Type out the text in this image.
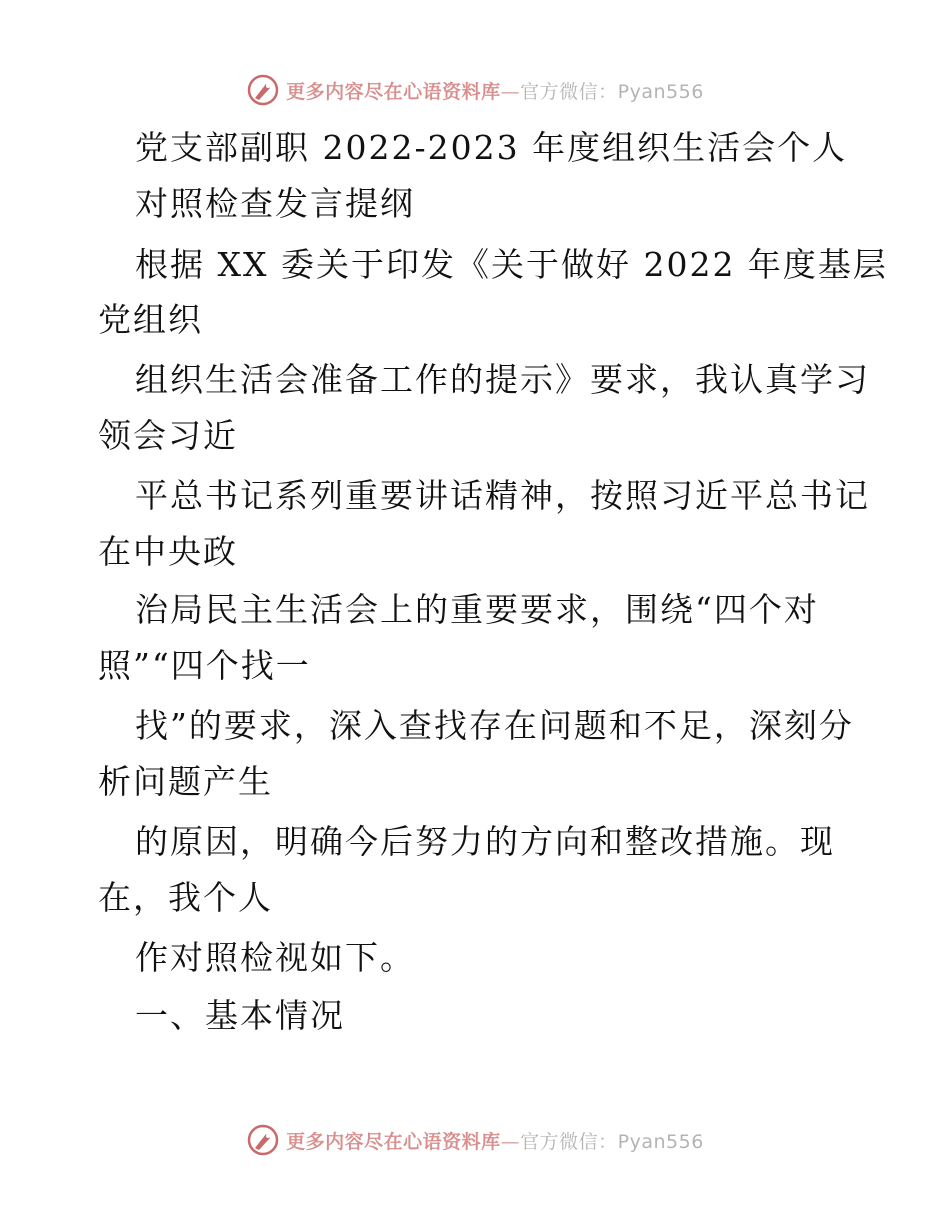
更多内容尽在心语资料库—官方微信：Pyan556
党支部副职 2022-2023 年度组织生活会个人
对照检查发言提纲
根据 XX 委关于印发《关于做好 2022 年度基层
党组织
组织生活会准备工作的提示》要求，我认真学习
领会习近
平总书记系列重要讲话精神，按照习近平总书记
在中央政
治局民主生活会上的重要要求，围绕“四个对
照”“四个找一
找”的要求，深入查找存在问题和不足，深刻分
析问题产生
的原因，明确今后努力的方向和整改措施。现
在，我个人
作对照检视如下。
一、基本情况
更多内容尽在心语资料库—官方微信：Pyan556
